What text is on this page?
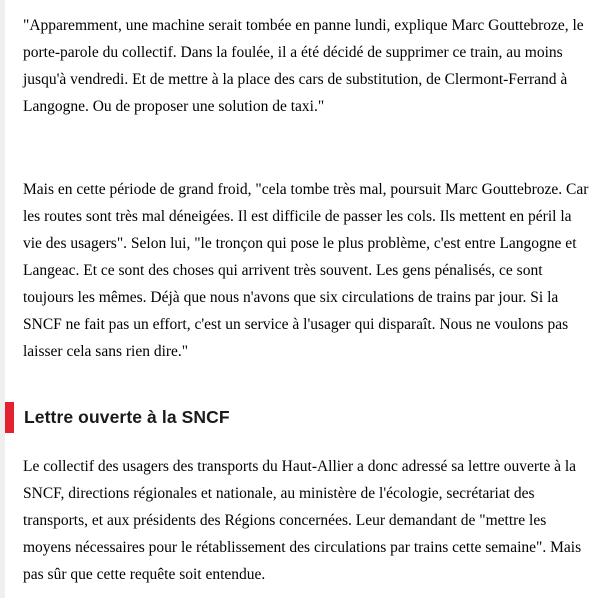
"Apparemment, une machine serait tombée en panne lundi, explique Marc Gouttebroze, le porte-parole du collectif. Dans la foulée, il a été décidé de supprimer ce train, au moins jusqu'à vendredi. Et de mettre à la place des cars de substitution, de Clermont-Ferrand à Langogne. Ou de proposer une solution de taxi."

Mais en cette période de grand froid, "cela tombe très mal, poursuit Marc Gouttebroze. Car les routes sont très mal déneigées. Il est difficile de passer les cols. Ils mettent en péril la vie des usagers". Selon lui, "le tronçon qui pose le plus problème, c'est entre Langogne et Langeac. Et ce sont des choses qui arrivent très souvent. Les gens pénalisés, ce sont toujours les mêmes. Déjà que nous n'avons que six circulations de trains par jour. Si la SNCF ne fait pas un effort, c'est un service à l'usager qui disparaît. Nous ne voulons pas laisser cela sans rien dire."

Lettre ouverte à la SNCF

Le collectif des usagers des transports du Haut-Allier a donc adressé sa lettre ouverte à la SNCF, directions régionales et nationale, au ministère de l'écologie, secrétariat des transports, et aux présidents des Régions concernées. Leur demandant de "mettre les moyens nécessaires pour le rétablissement des circulations par trains cette semaine". Mais pas sûr que cette requête soit entendue.
